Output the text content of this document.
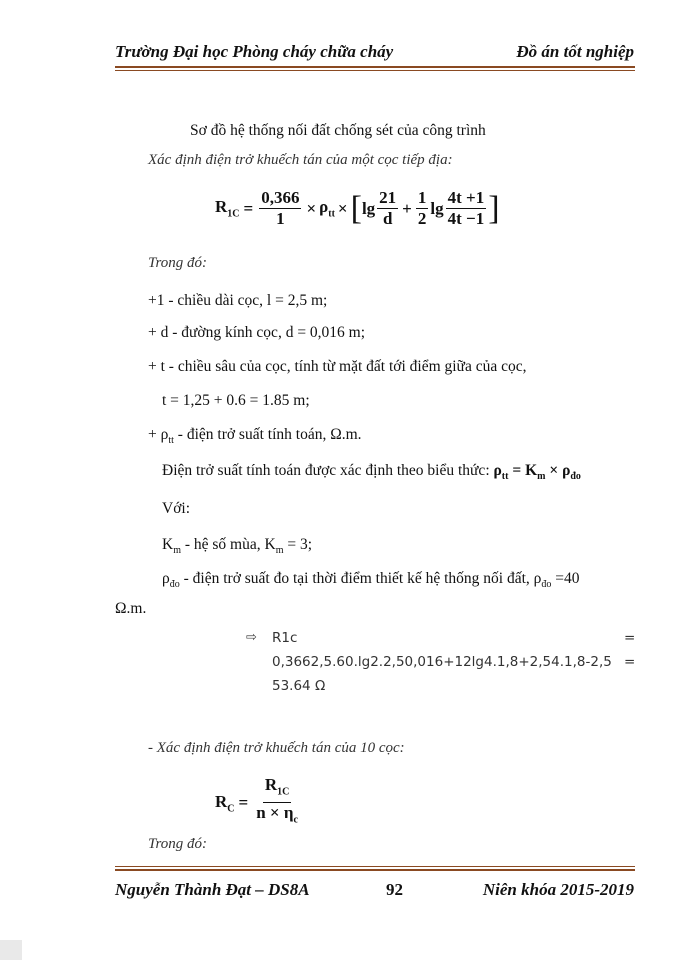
Trường Đại học Phòng cháy chữa cháy	Đồ án tốt nghiệp
Sơ đồ hệ thống nối đất chống sét của công trình
Xác định điện trở khuếch tán của một cọc tiếp địa:
$R_{1C} = \frac{0,366}{1} \times \rho_{tt}$ × [ $\lg \frac{21}{d} + \frac{1}{2}$ $\lg \frac{4t +1}{4t -1}$ ]
Trong đó:
+1 - chiều dài cọc, l = 2,5 m;
+ d - đường kính cọc, d = 0,016 m;
+ t - chiều sâu của cọc, tính từ mặt đất tới điểm giữa của cọc,
t = 1,25 + 0.6 = 1.85 m;
+ $\rho_{tt}$ - điện trở suất tính toán, Ω.m.
Điện trở suất tính toán được xác định theo biểu thức: $\rho_{tt} = K_m \times \rho_{đo}$
Với:
$K_m$ - hệ số mùa, $K_m = 3$;
$\rho_{đo}$ - điện trở suất đo tại thời điểm thiết kế hệ thống nối đất, $\rho_{đo} =40$
Ω.m.
⇨ R1c	=
0,3662,5.60.lg2.2,50,016+12lg4.1,8+2,54.1,8-2,5 =
53.64 Ω
- Xác định điện trở khuếch tán của 10 cọc:
$R_C = \frac{R_{1C}}{n \times \eta_c}$
Trong đó:
Nguyễn Thành Đạt – DS8A	92	Niên khóa 2015-2019
